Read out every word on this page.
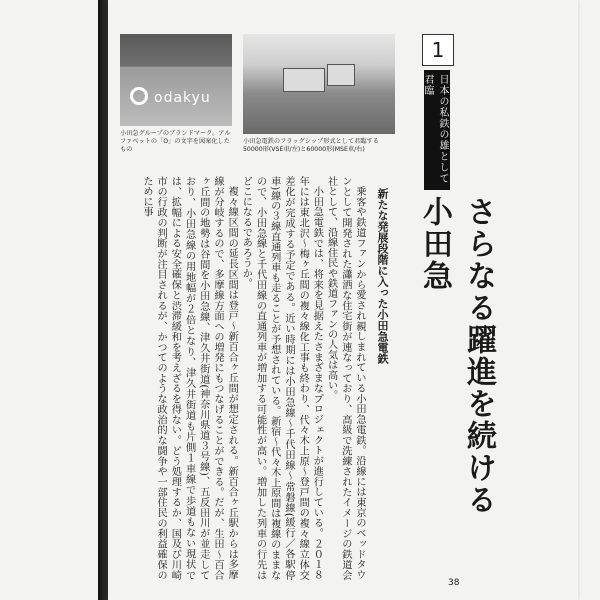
odakyu
小田急グループのブランドマーク。アルファベットの「O」の文字を図案化したもの
小田急電鉄のフラッグシップ形式として君臨する50000形(VSE車/左)と60000形(MSE車/右)
1
日本の私鉄の雄として君臨
さらなる躍進を続ける小田急
新たな発展段階に入った小田急電鉄

乗客や鉄道ファンから愛され親しまれている小田急電鉄。沿線には東京のベッドタウンとして開発された瀟洒な住宅街が連なっており、高級で洗練されたイメージの鉄道会社として、沿線住民や鉄道ファンの人気は高い。

小田急電鉄では、将来を見据えたさまざまなプロジェクトが進行している。２０１８年には東北沢〜梅ヶ丘間の複々線化工事も終わり、代々木上原〜登戸間の複々線立体交差化が完成する予定である。近い時期には小田急線〜千代田線〜常磐線(緩行／各駅停車)線の３線直通列車も走ることが予想されている。新宿〜代々木上原間は複線のままなので、小田急線と千代田線の直通列車が増加する可能性が高い。増加した列車の行先はどこになるであろうか。

複々線区間の延長区間は登戸〜新百合ヶ丘間が想定される。新百合ヶ丘駅からは多摩線が分岐するので、多摩線方面への増発にもつなげることができる。だが、生田〜百合ヶ丘間の地勢は谷間を小田急線、津久井街道(神奈川県道３号線)、五反田川が並走しており、小田急線の用地幅が２倍となり、津久井街道も片側１車線で歩道もない現状では、拡幅による安全確保と渋滞緩和を考えざるを得ない。どう処理するか、国及び川崎市の行政の判断が注目されるが、かつてのような政治的な闘争や一部住民の利益確保のために事

38
